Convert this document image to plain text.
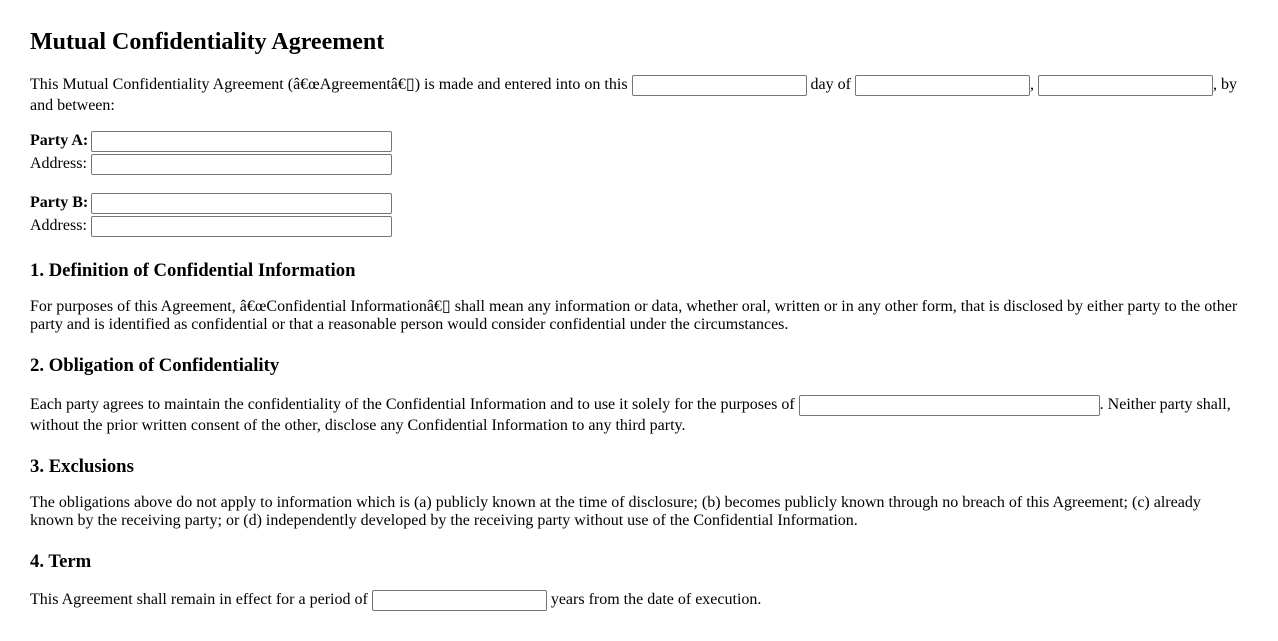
Mutual Confidentiality Agreement

This Mutual Confidentiality Agreement (â€œAgreementâ€▯) is made and entered into on this	day of	,	, by and between:

Party A:
Address:

Party B:
Address:

1. Definition of Confidential Information

For purposes of this Agreement, â€œConfidential Informationâ€▯ shall mean any information or data, whether oral, written or in any other form, that is disclosed by either party to the other party and is identified as confidential or that a reasonable person would consider confidential under the circumstances.

2. Obligation of Confidentiality

Each party agrees to maintain the confidentiality of the Confidential Information and to use it solely for the purposes of	. Neither party shall, without the prior written consent of the other, disclose any Confidential Information to any third party.

3. Exclusions

The obligations above do not apply to information which is (a) publicly known at the time of disclosure; (b) becomes publicly known through no breach of this Agreement; (c) already known by the receiving party; or (d) independently developed by the receiving party without use of the Confidential Information.

4. Term

This Agreement shall remain in effect for a period of	years from the date of execution.
